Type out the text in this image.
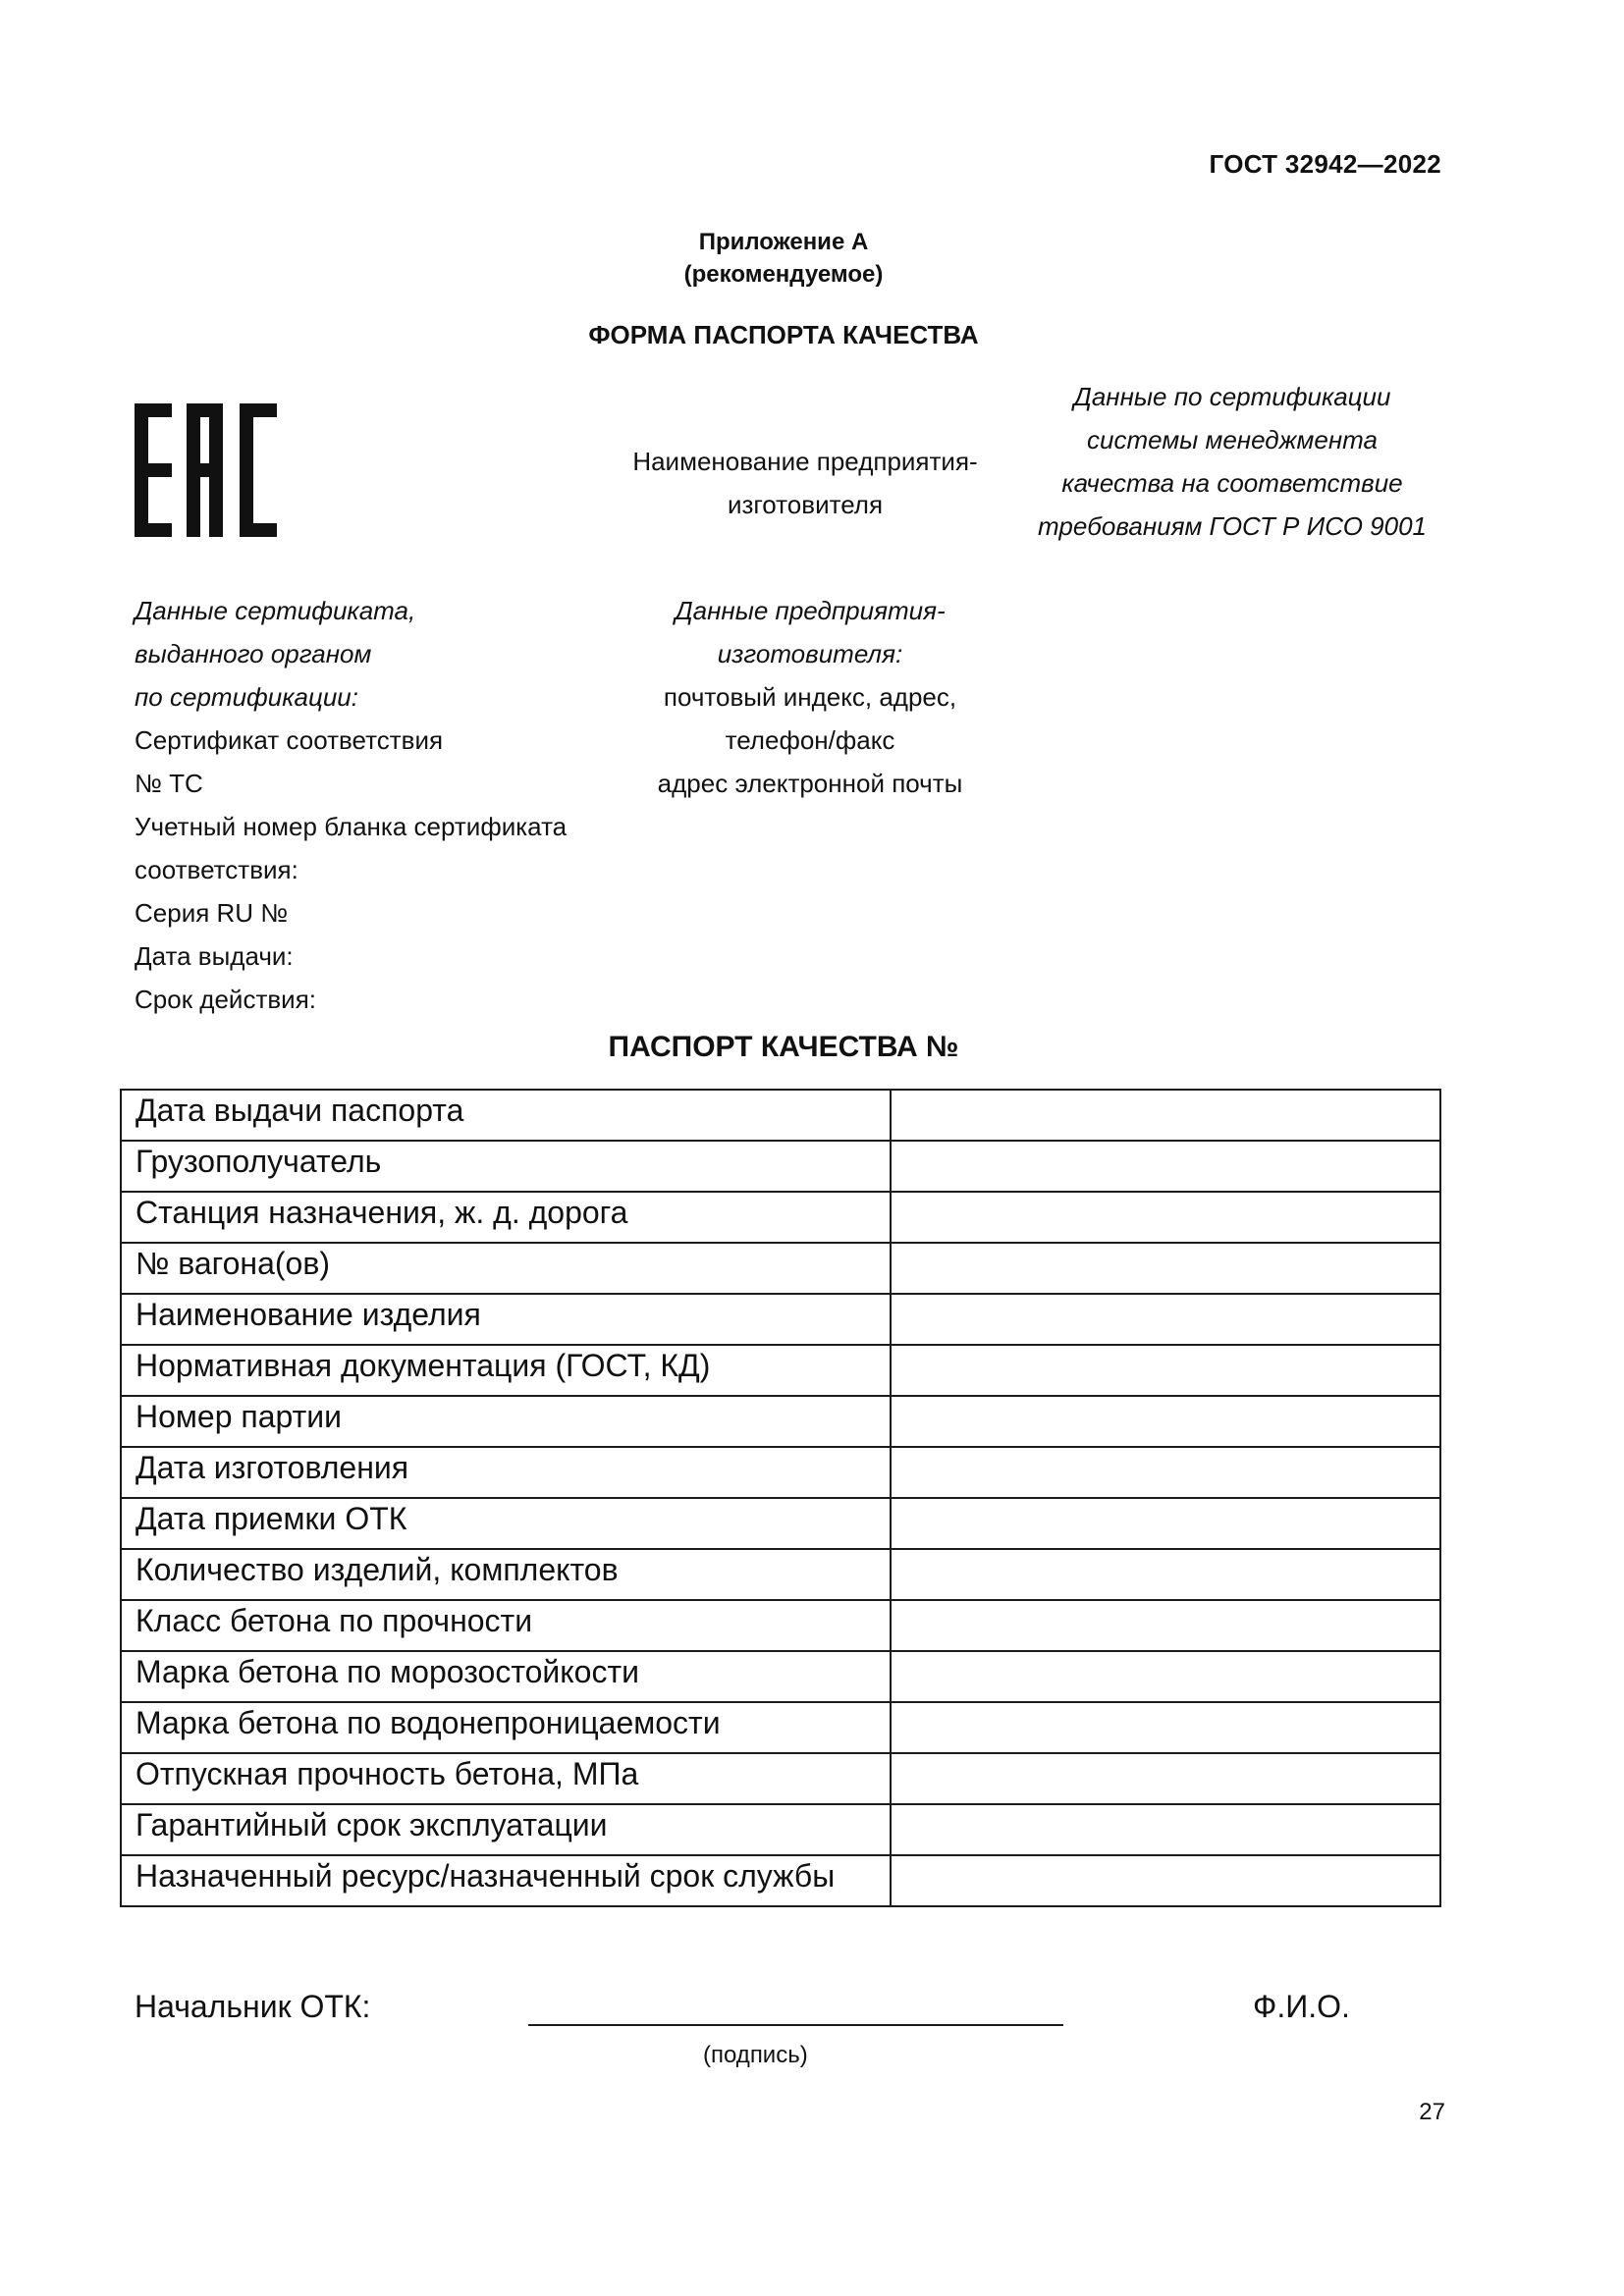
ГОСТ 32942—2022
Приложение А
(рекомендуемое)
ФОРМА ПАСПОРТА КАЧЕСТВА
Наименование предприятия-
изготовителя
Данные по сертификации
системы менеджмента
качества на соответствие
требованиям ГОСТ Р ИСО 9001
Данные сертификата,
выданного органом
по сертификации:
Сертификат соответствия
№ ТС
Учетный номер бланка сертификата
соответствия:
Серия RU №
Дата выдачи:
Срок действия:
Данные предприятия-
изготовителя:
почтовый индекс, адрес,
телефон/факс
адрес электронной почты
ПАСПОРТ КАЧЕСТВА №
Дата выдачи паспорта	
Грузополучатель	
Станция назначения, ж. д. дорога	
№ вагона(ов)	
Наименование изделия	
Нормативная документация (ГОСТ, КД)	
Номер партии	
Дата изготовления	
Дата приемки ОТК	
Количество изделий, комплектов	
Класс бетона по прочности	
Марка бетона по морозостойкости	
Марка бетона по водонепроницаемости	
Отпускная прочность бетона, МПа	
Гарантийный срок эксплуатации	
Назначенный ресурс/назначенный срок службы	
Начальник ОТК:	Ф.И.О.
(подпись)
27
